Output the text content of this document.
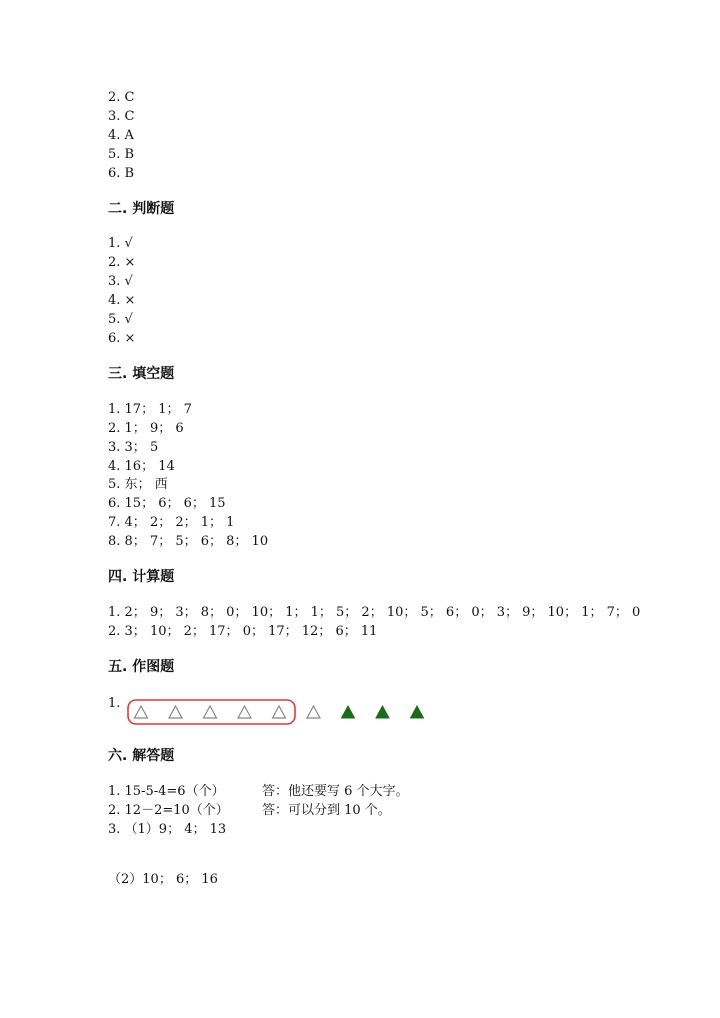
2. C
3. C
4. A
5. B
6. B
二. 判断题
1. √
2. ×
3. √
4. ×
5. √
6. ×
三. 填空题
1. 17； 1； 7
2. 1； 9； 6
3. 3； 5
4. 16； 14
5. 东； 西
6. 15； 6； 6； 15
7. 4； 2； 2； 1； 1
8. 8； 7； 5； 6； 8； 10
四. 计算题
1. 2； 9； 3； 8； 0； 10； 1； 1； 5； 2； 10； 5； 6； 0； 3； 9； 10； 1； 7； 0
2. 3； 10； 2； 17； 0； 17； 12； 6； 11
五. 作图题
1.
六. 解答题
1. 15-5-4=6（个）	答：他还要写 6 个大字。
2. 12－2=10（个）	答：可以分到 10 个。
3. （1）9； 4； 13
（2）10； 6； 16
